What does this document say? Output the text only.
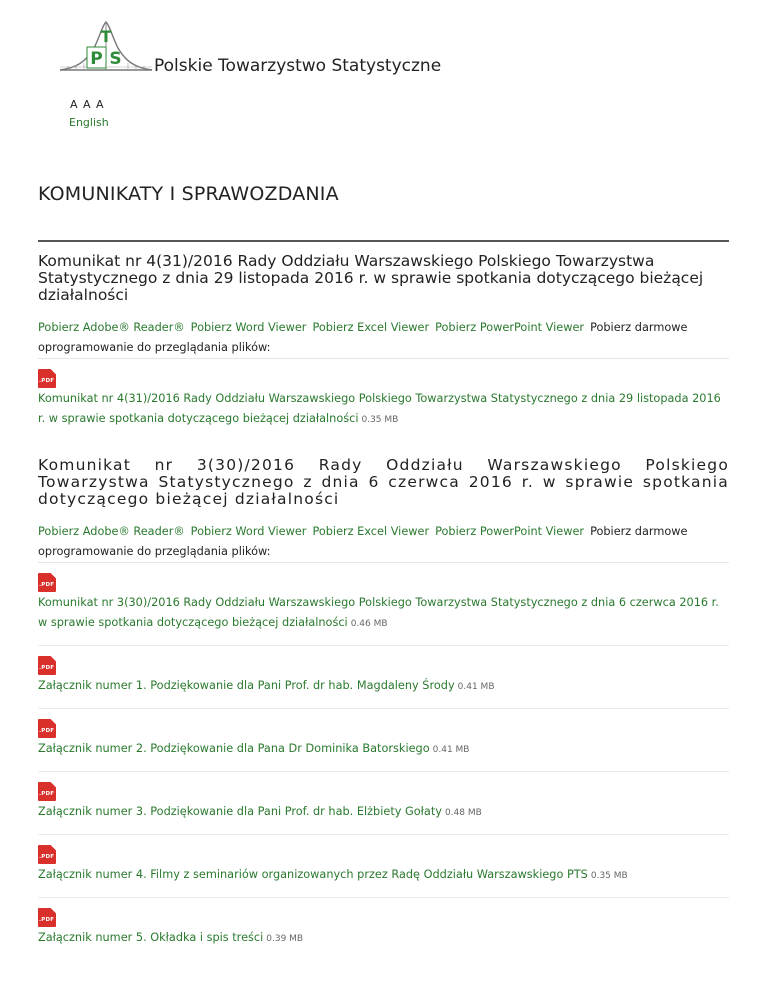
T
P S Polskie Towarzystwo Statystyczne
A A A
English
KOMUNIKATY I SPRAWOZDANIA
Komunikat nr 4(31)/2016 Rady Oddziału Warszawskiego Polskiego Towarzystwa Statystycznego z dnia 29 listopada 2016 r. w sprawie spotkania dotyczącego bieżącej działalności
Pobierz Adobe® Reader® Pobierz Word Viewer Pobierz Excel Viewer Pobierz PowerPoint Viewer Pobierz darmowe oprogramowanie do przeglądania plików:
.PDF
Komunikat nr 4(31)/2016 Rady Oddziału Warszawskiego Polskiego Towarzystwa Statystycznego z dnia 29 listopada 2016 r. w sprawie spotkania dotyczącego bieżącej działalności 0.35 MB
Komunikat nr 3(30)/2016 Rady Oddziału Warszawskiego Polskiego Towarzystwa Statystycznego z dnia 6 czerwca 2016 r. w sprawie spotkania dotyczącego bieżącej działalności
Pobierz Adobe® Reader® Pobierz Word Viewer Pobierz Excel Viewer Pobierz PowerPoint Viewer Pobierz darmowe oprogramowanie do przeglądania plików:
.PDF
Komunikat nr 3(30)/2016 Rady Oddziału Warszawskiego Polskiego Towarzystwa Statystycznego z dnia 6 czerwca 2016 r. w sprawie spotkania dotyczącego bieżącej działalności 0.46 MB
.PDF
Załącznik numer 1. Podziękowanie dla Pani Prof. dr hab. Magdaleny Środy 0.41 MB
.PDF
Załącznik numer 2. Podziękowanie dla Pana Dr Dominika Batorskiego 0.41 MB
.PDF
Załącznik numer 3. Podziękowanie dla Pani Prof. dr hab. Elżbiety Gołaty 0.48 MB
.PDF
Załącznik numer 4. Filmy z seminariów organizowanych przez Radę Oddziału Warszawskiego PTS 0.35 MB
.PDF
Załącznik numer 5. Okładka i spis treści 0.39 MB
